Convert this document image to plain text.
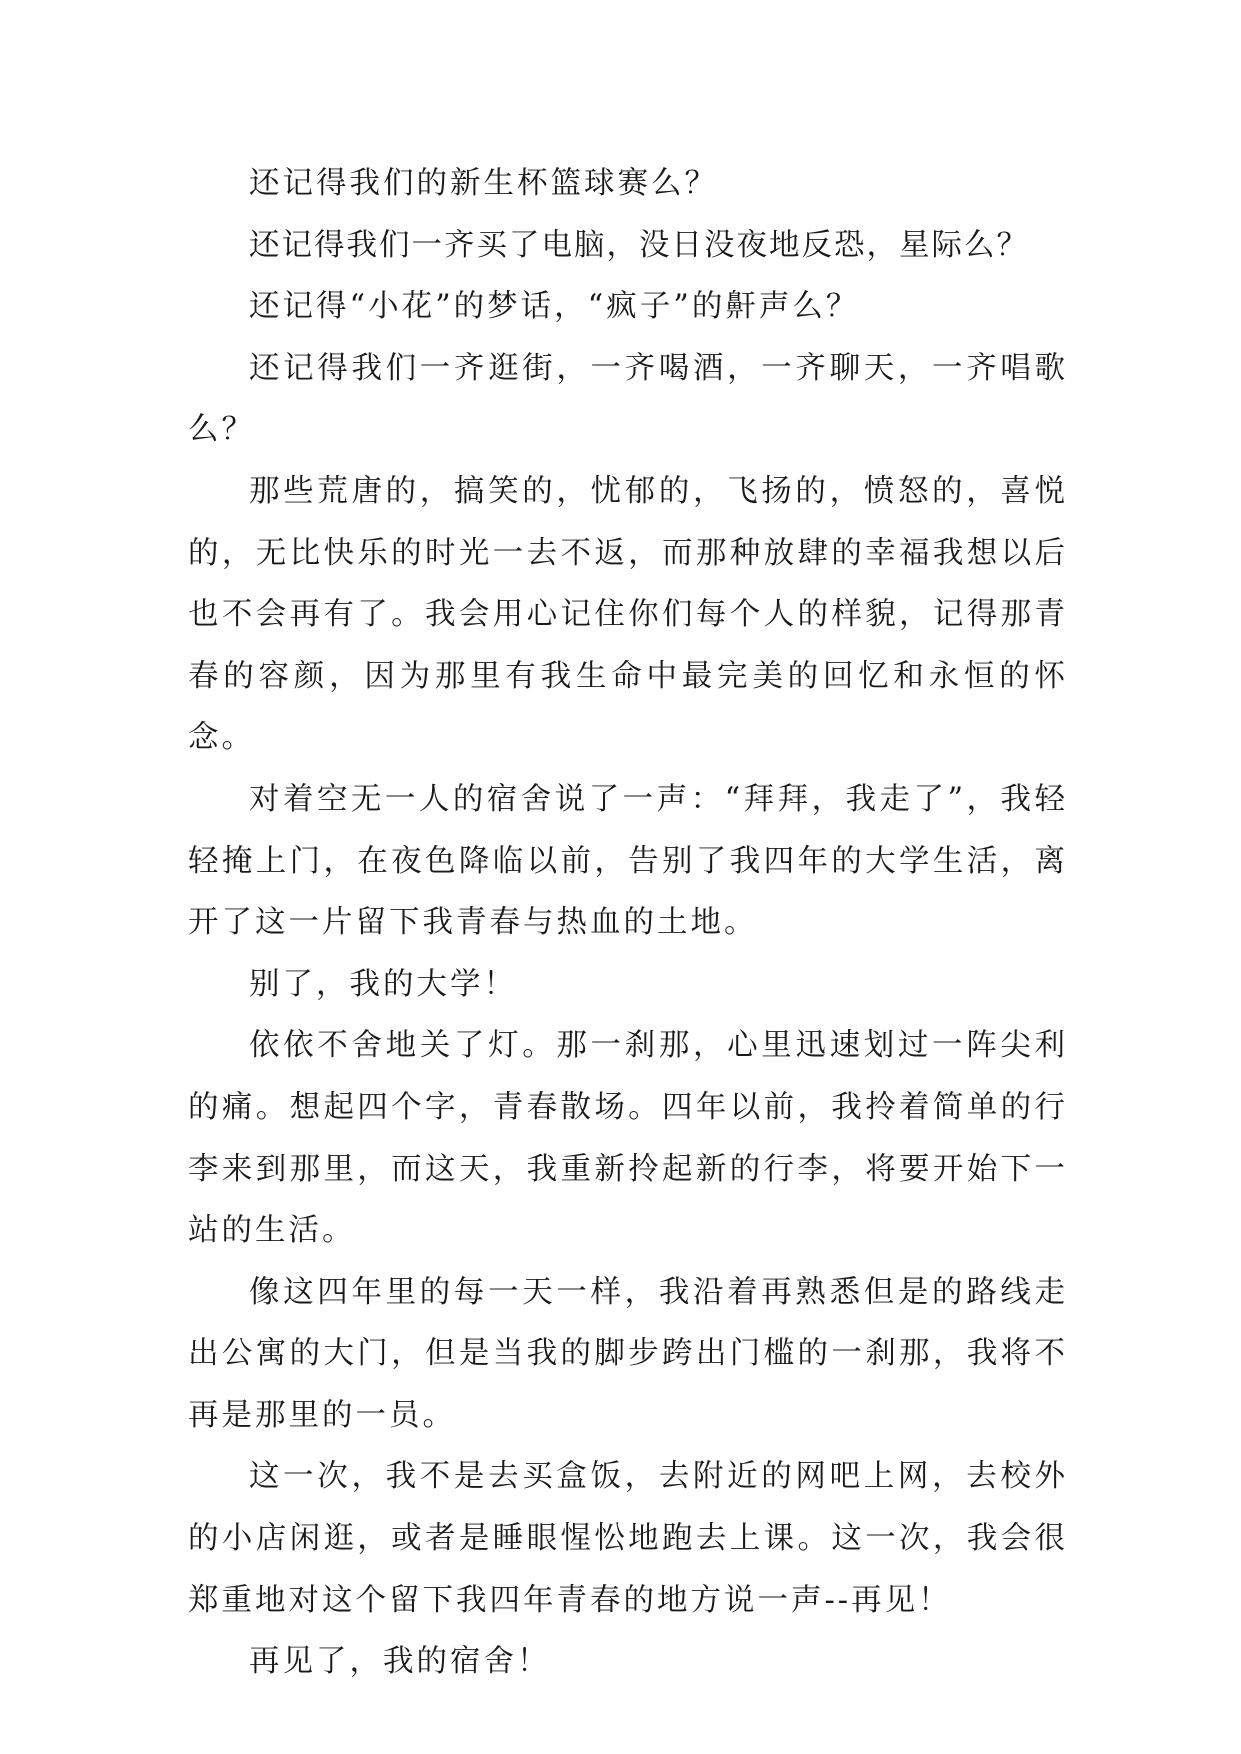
还记得我们的新生杯篮球赛么？

还记得我们一齐买了电脑，没日没夜地反恐，星际么？

还记得“小花”的梦话，“疯子”的鼾声么？

还记得我们一齐逛街，一齐喝酒，一齐聊天，一齐唱歌么？

那些荒唐的，搞笑的，忧郁的，飞扬的，愤怒的，喜悦的，无比快乐的时光一去不返，而那种放肆的幸福我想以后也不会再有了。我会用心记住你们每个人的样貌，记得那青春的容颜，因为那里有我生命中最完美的回忆和永恒的怀念。

对着空无一人的宿舍说了一声：“拜拜，我走了”，我轻轻掩上门，在夜色降临以前，告别了我四年的大学生活，离开了这一片留下我青春与热血的土地。

别了，我的大学！

依依不舍地关了灯。那一刹那，心里迅速划过一阵尖利的痛。想起四个字，青春散场。四年以前，我拎着简单的行李来到那里，而这天，我重新拎起新的行李，将要开始下一站的生活。

像这四年里的每一天一样，我沿着再熟悉但是的路线走出公寓的大门，但是当我的脚步跨出门槛的一刹那，我将不再是那里的一员。

这一次，我不是去买盒饭，去附近的网吧上网，去校外的小店闲逛，或者是睡眼惺忪地跑去上课。这一次，我会很郑重地对这个留下我四年青春的地方说一声--再见！

再见了，我的宿舍！
